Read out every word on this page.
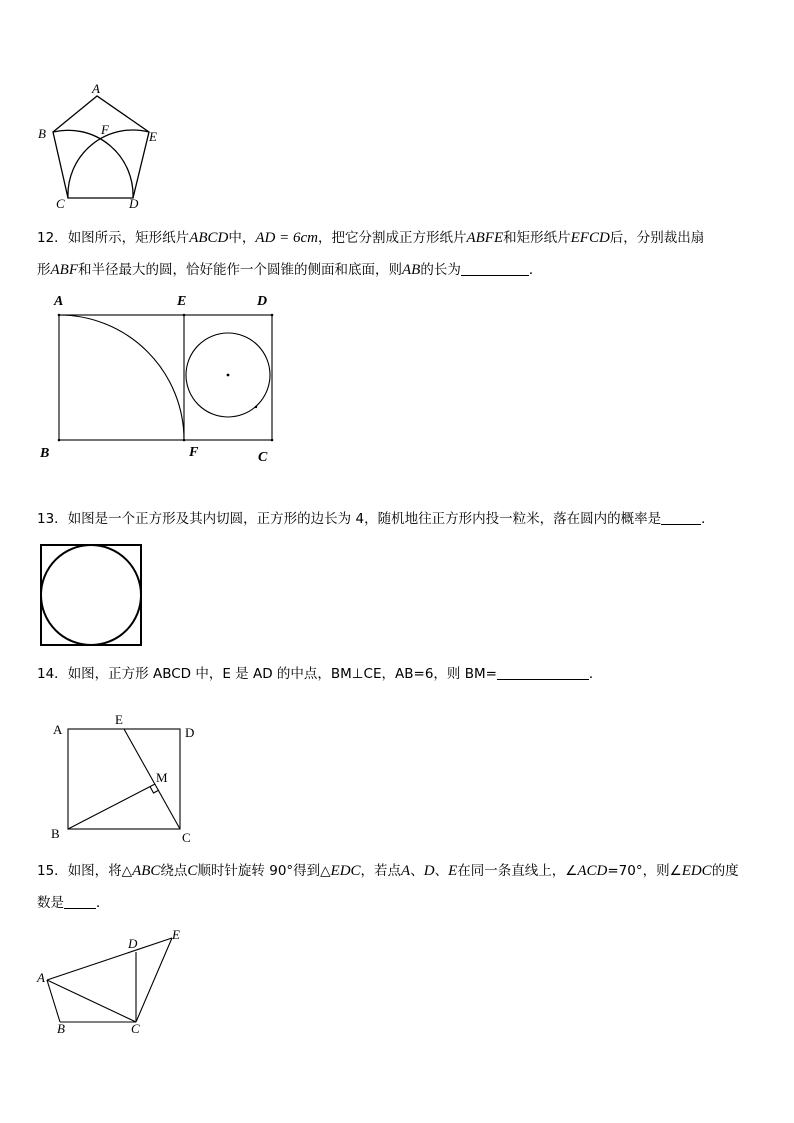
A
B	F	E
C	D
12．如图所示，矩形纸片ABCD中，AD = 6cm，把它分割成正方形纸片ABFE和矩形纸片EFCD后，分别裁出扇
形ABF和半径最大的圆，恰好能作一个圆锥的侧面和底面，则AB的长为	．
A	E	D
B	F	C
13．如图是一个正方形及其内切圆，正方形的边长为 4，随机地往正方形内投一粒米，落在圆内的概率是	．
14．如图，正方形 ABCD 中，E 是 AD 的中点，BM⊥CE，AB=6，则 BM=	．
A
E
D
M
B	C
15．如图，将△ABC绕点C顺时针旋转 90°得到△EDC，若点A、D、E在同一条直线上，∠ACD=70°，则∠EDC的度
数是 ．
A
B	C
D
E
